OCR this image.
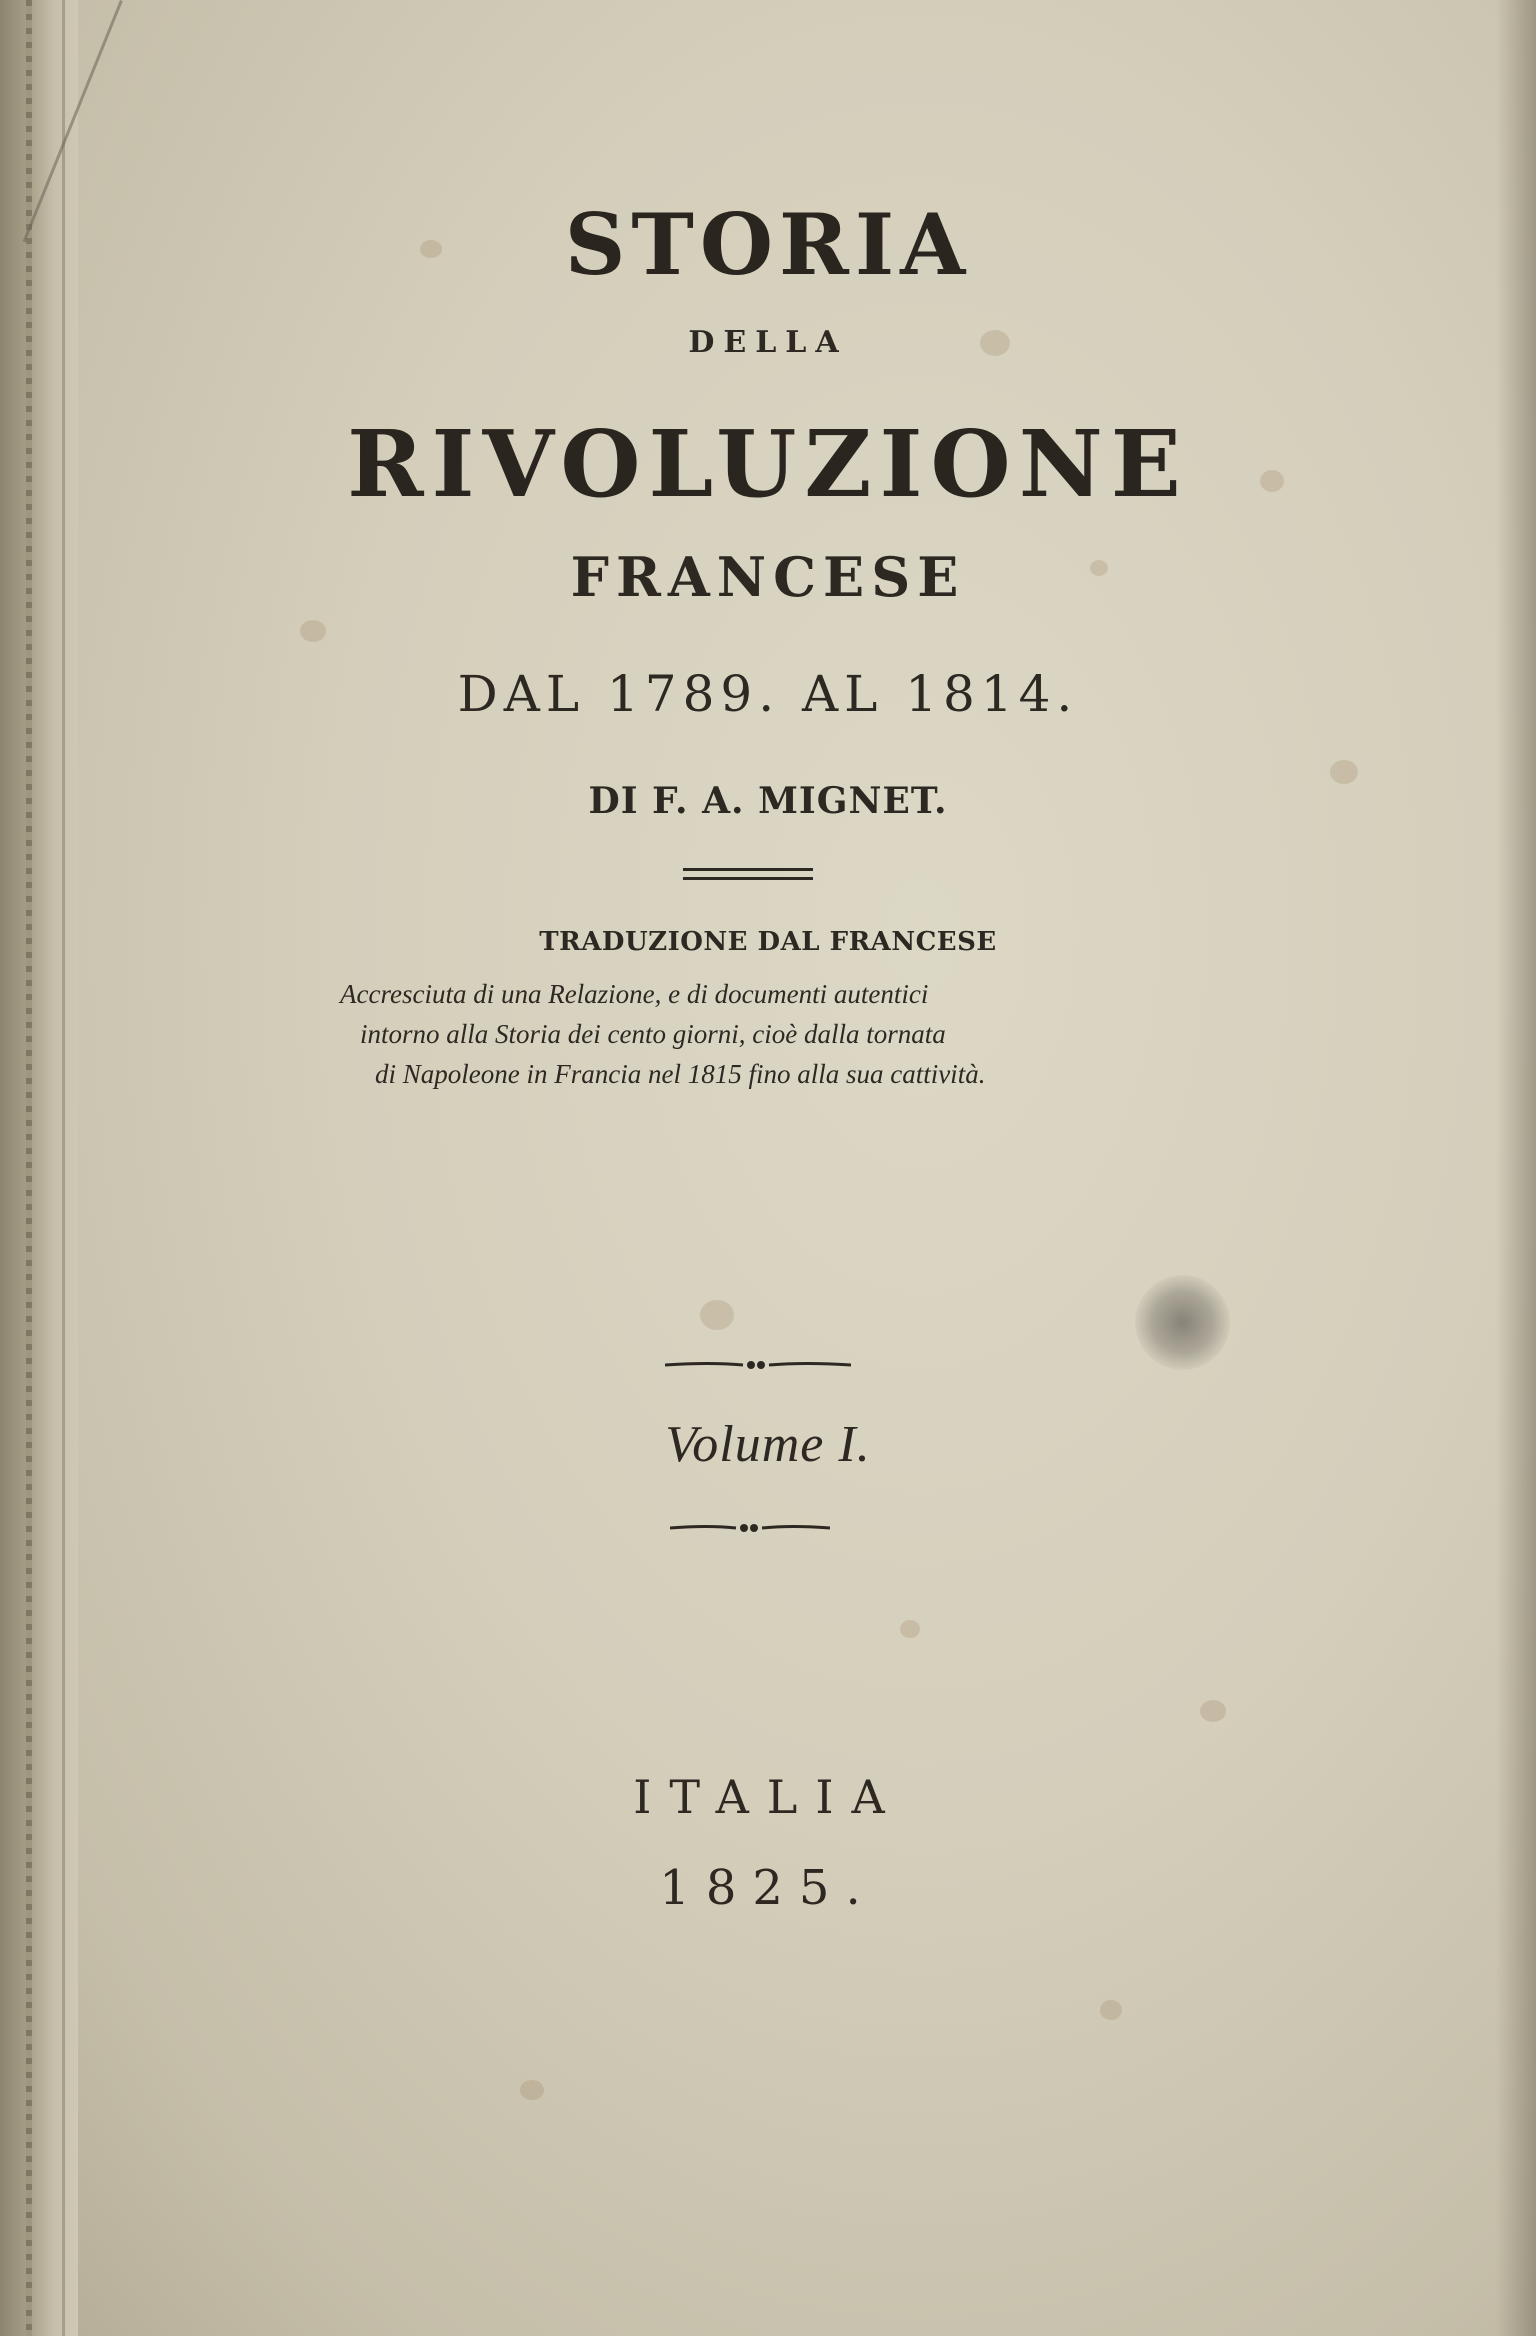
STORIA
DELLA
RIVOLUZIONE
FRANCESE
DAL 1789. AL 1814.
DI F. A. MIGNET.
TRADUZIONE DAL FRANCESE
Accresciuta di una Relazione, e di documenti autentici
intorno alla Storia dei cento giorni, cioè dalla tornata
di Napoleone in Francia nel 1815 fino alla sua cattività.
Volume I.
ITALIA
1825.
